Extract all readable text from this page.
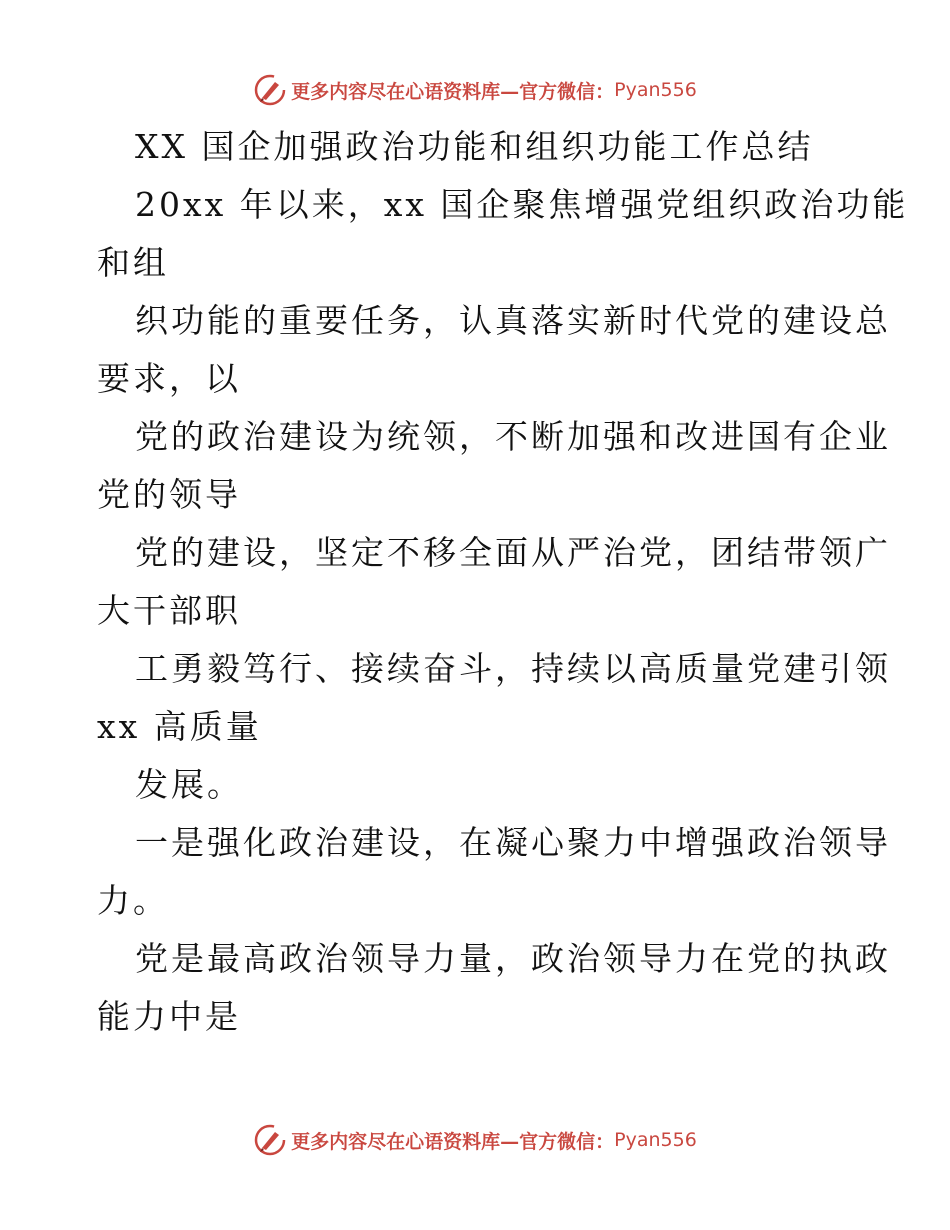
更多内容尽在心语资料库—官方微信： Pyan556
XX 国企加强政治功能和组织功能工作总结
20xx 年以来，xx 国企聚焦增强党组织政治功能
和组
织功能的重要任务，认真落实新时代党的建设总
要求，以
党的政治建设为统领，不断加强和改进国有企业
党的领导
党的建设，坚定不移全面从严治党，团结带领广
大干部职
工勇毅笃行、接续奋斗，持续以高质量党建引领
xx 高质量
发展。
一是强化政治建设，在凝心聚力中增强政治领导
力。
党是最高政治领导力量，政治领导力在党的执政
能力中是
更多内容尽在心语资料库—官方微信： Pyan556
